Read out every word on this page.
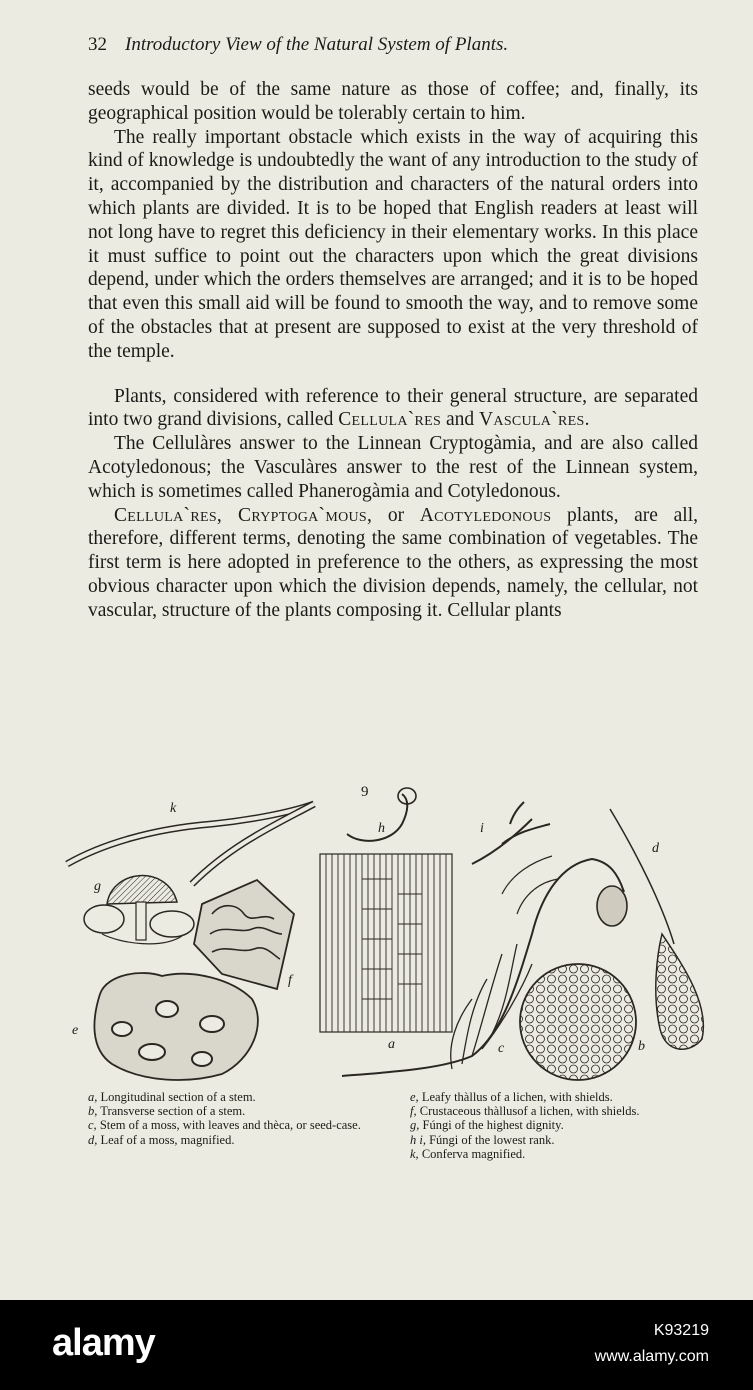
32 Introductory View of the Natural System of Plants.

seeds would be of the same nature as those of coffee; and, finally, its geographical position would be tolerably certain to him.

The really important obstacle which exists in the way of acquiring this kind of knowledge is undoubtedly the want of any introduction to the study of it, accompanied by the distribution and characters of the natural orders into which plants are divided. It is to be hoped that English readers at least will not long have to regret this deficiency in their elementary works. In this place it must suffice to point out the characters upon which the great divisions depend, under which the orders themselves are arranged; and it is to be hoped that even this small aid will be found to smooth the way, and to remove some of the obstacles that at present are supposed to exist at the very threshold of the temple.

Plants, considered with reference to their general structure, are separated into two grand divisions, called Cellula`res and Vascula`res.

The Cellulàres answer to the Linnean Cryptogàmia, and are also called Acotyledonous; the Vasculàres answer to the rest of the Linnean system, which is sometimes called Phanerogàmia and Cotyledonous.

Cellula`res, Cryptoga`mous, or Acotyledonous plants, are all, therefore, different terms, denoting the same combination of vegetables. The first term is here adopted in preference to the others, as expressing the most obvious character upon which the division depends, namely, the cellular, not vascular, structure of the plants composing it. Cellular plants

9
k
h	i
d
g
f
e
a	c	b

a, Longitudinal section of a stem.

b, Transverse section of a stem.

c, Stem of a moss, with leaves and thèca, or seed-case.

d, Leaf of a moss, magnified.

e, Leafy thàllus of a lichen, with shields.

f, Crustaceous thàllusof a lichen, with shields.

g, Fúngi of the highest dignity.

h i, Fúngi of the lowest rank.

k, Conferva magnified.

alamy	K93219
www.alamy.com
